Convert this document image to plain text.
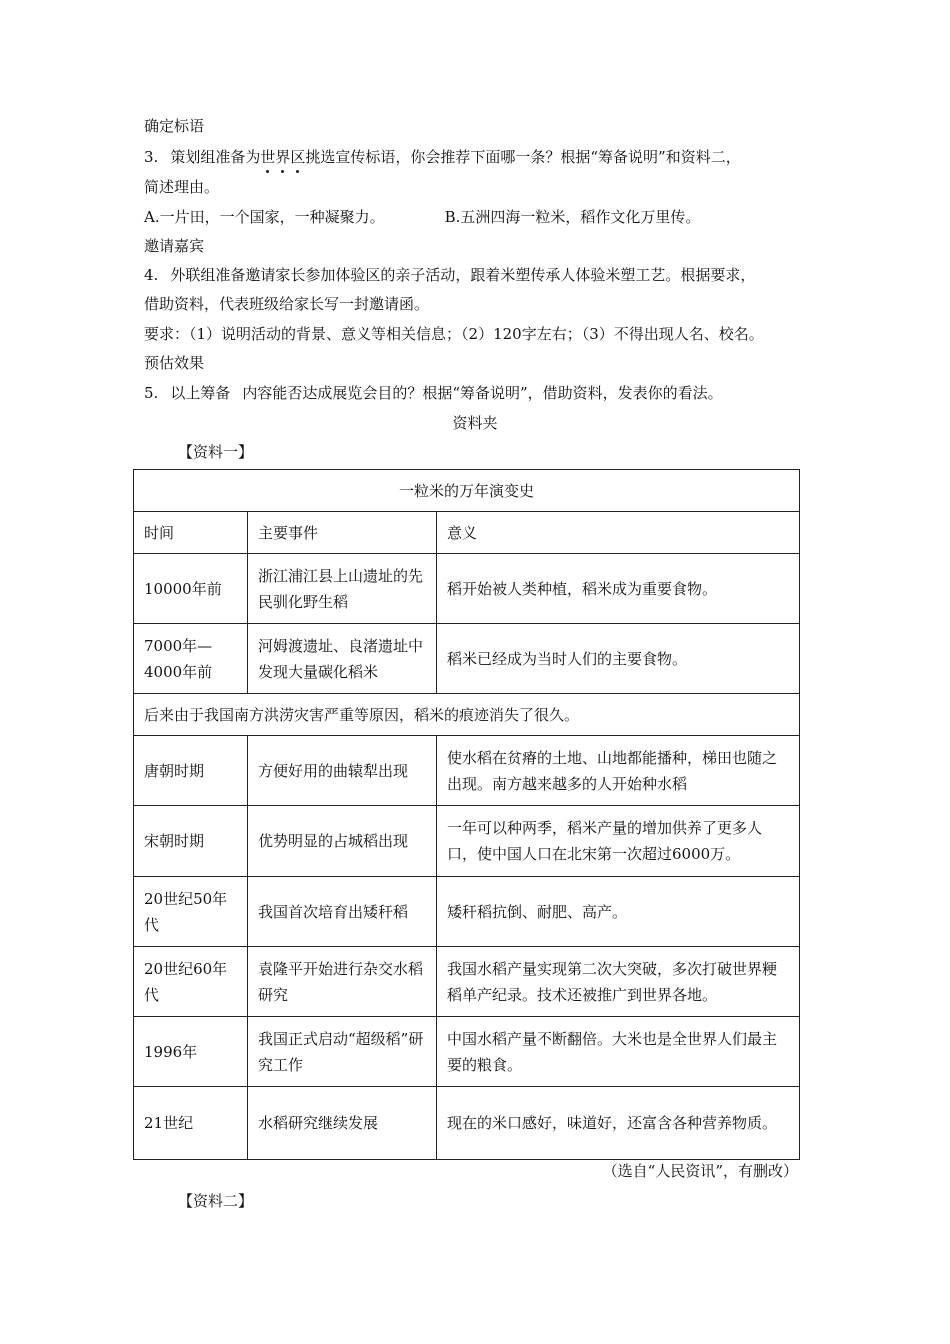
确定标语
3. 策划组准备为世界区挑选宣传标语，你会推荐下面哪一条？根据“筹备说明”和资料二，
简述理由。
A.一片田，一个国家，一种凝聚力。	B.五洲四海一粒米，稻作文化万里传。
邀请嘉宾
4. 外联组准备邀请家长参加体验区的亲子活动，跟着米塑传承人体验米塑工艺。根据要求，
借助资料，代表班级给家长写一封邀请函。
要求：（1）说明活动的背景、意义等相关信息；（2）120字左右；（3）不得出现人名、校名。
预估效果
5. 以上筹备 内容能否达成展览会目的？根据“筹备说明”，借助资料，发表你的看法。
资料夹
【资料一】
一粒米的万年演变史		
时间	主要事件	意义
10000年前	浙江浦江县上山遗址的先民驯化野生稻	稻开始被人类种植，稻米成为重要食物。
7000年—4000年前	河姆渡遗址、良渚遗址中发现大量碳化稻米	稻米已经成为当时人们的主要食物。
后来由于我国南方洪涝灾害严重等原因，稻米的痕迹消失了很久。		
唐朝时期	方便好用的曲辕犁出现	使水稻在贫瘠的土地、山地都能播种，梯田也随之出现。南方越来越多的人开始种水稻
宋朝时期	优势明显的占城稻出现	一年可以种两季，稻米产量的增加供养了更多人口，使中国人口在北宋第一次超过6000万。
20世纪50年代	我国首次培育出矮秆稻	矮秆稻抗倒、耐肥、高产。
20世纪60年代	袁隆平开始进行杂交水稻研究	我国水稻产量实现第二次大突破，多次打破世界粳稻单产纪录。技术还被推广到世界各地。
1996年	我国正式启动“超级稻”研究工作	中国水稻产量不断翻倍。大米也是全世界人们最主要的粮食。
21世纪	水稻研究继续发展	现在的米口感好，味道好，还富含各种营养物质。
（选自“人民资讯”，有删改）
【资料二】
